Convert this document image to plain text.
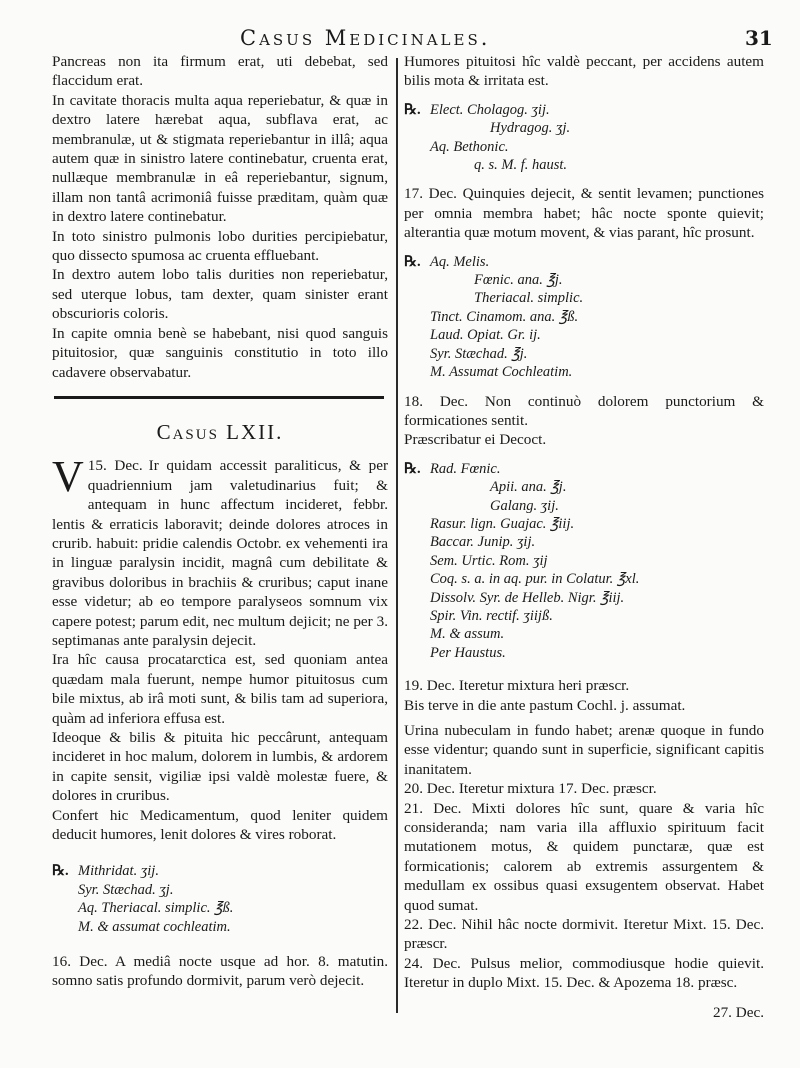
Casus Medicinales.	31

Pancreas non ita firmum erat, uti debebat, sed flaccidum erat.

In cavitate thoracis multa aqua reperiebatur, & quæ in dextro latere hærebat aqua, subflava erat, ac membranulæ, ut & stigmata reperiebantur in illâ; aqua autem quæ in sinistro latere continebatur, cruenta erat, nullæque membranulæ in eâ reperiebantur, signum, illam non tantâ acrimoniâ fuisse præditam, quàm quæ in dextro latere continebatur.

In toto sinistro pulmonis lobo durities percipiebatur, quo dissecto spumosa ac cruenta effluebant.

In dextro autem lobo talis durities non reperiebatur, sed uterque lobus, tam dexter, quam sinister erant obscurioris coloris.

In capite omnia benè se habebant, nisi quod sanguis pituitosior, quæ sanguinis constitutio in toto illo cadavere observabatur.

Casus LXII.

15. Dec.
V	Ir quidam accessit paraliticus, & per quadriennium jam valetudinarius fuit; & antequam in hunc affectum incideret, febbr. lentis & erraticis laboravit; deinde dolores atroces in crurib. habuit: pridie calendis Octobr. ex vehementi ira in linguæ paralysin incidit, magnâ cum debilitate & gravibus doloribus in brachiis & cruribus; caput inane esse videtur; ab eo tempore paralyseos somnum vix capere potest; parum edit, nec multum dejicit; ne per 3. septimanas ante paralysin dejecit.

Ira hîc causa procatarctica est, sed quoniam antea quædam mala fuerunt, nempe humor pituitosus cum bile mixtus, ab irâ moti sunt, & bilis tam ad superiora, quàm ad inferiora effusa est.

Ideoque & bilis & pituita hic peccârunt, antequam incideret in hoc malum, dolorem in lumbis, & ardorem in capite sensit, vigiliæ ipsi valdè molestæ fuere, & dolores in cruribus.

Confert hic Medicamentum, quod leniter quidem deducit humores, lenit dolores & vires roborat.

℞. Mithridat. ʒij.
Syr. Stæchad. ʒj.
Aq. Theriacal. simplic. ℥ß.
M. & assumat cochleatim.

16. Dec. A mediâ nocte usque ad hor. 8. matutin. somno satis profundo dormivit, parum verò dejecit.

Humores pituitosi hîc valdè peccant, per accidens autem bilis mota & irritata est.

℞. Elect. Cholagog. ʒij.
Hydragog. ʒj.
Aq. Bethonic.
q. s. M. f. haust.

17. Dec. Quinquies dejecit, & sentit levamen; punctiones per omnia membra habet; hâc nocte sponte quievit; alterantia quæ motum movent, & vias parant, hîc prosunt.

℞. Aq. Melis.
Fœnic. ana. ℥j.
Theriacal. simplic.
Tinct. Cinamom. ana. ℥ß.
Laud. Opiat. Gr. ij.
Syr. Stæchad. ℥j.
M. Assumat Cochleatim.

18. Dec. Non continuò dolorem punctorium & formicationes sentit.

Præscribatur ei Decoct.

℞. Rad. Fœnic.
Apii. ana. ℥j.
Galang. ʒij.
Rasur. lign. Guajac. ℥iij.
Baccar. Junip. ʒij.
Sem. Urtic. Rom. ʒij
Coq. s. a. in aq. pur. in Colatur. ℥xl.
Dissolv. Syr. de Helleb. Nigr. ℥iij.
Spir. Vin. rectif. ʒiijß.
M. & assum.
Per Haustus.

19. Dec. Iteretur mixtura heri præscr.

Bis terve in die ante pastum Cochl. j. assumat.

Urina nubeculam in fundo habet; arenæ quoque in fundo esse videntur; quando sunt in superficie, significant capitis inanitatem.

20. Dec. Iteretur mixtura 17. Dec. præscr.

21. Dec. Mixti dolores hîc sunt, quare & varia hîc consideranda; nam varia illa affluxio spirituum facit mutationem motus, & quidem punctaræ, quæ est formicationis; calorem ab extremis assurgentem & medullam ex ossibus quasi exsugentem observat. Habet quod sumat.

22. Dec. Nihil hâc nocte dormivit. Iteretur Mixt. 15. Dec. præscr.

24. Dec. Pulsus melior, commodiusque hodie quievit. Iteretur in duplo Mixt. 15. Dec. & Apozema 18. præsc.

27. Dec.
